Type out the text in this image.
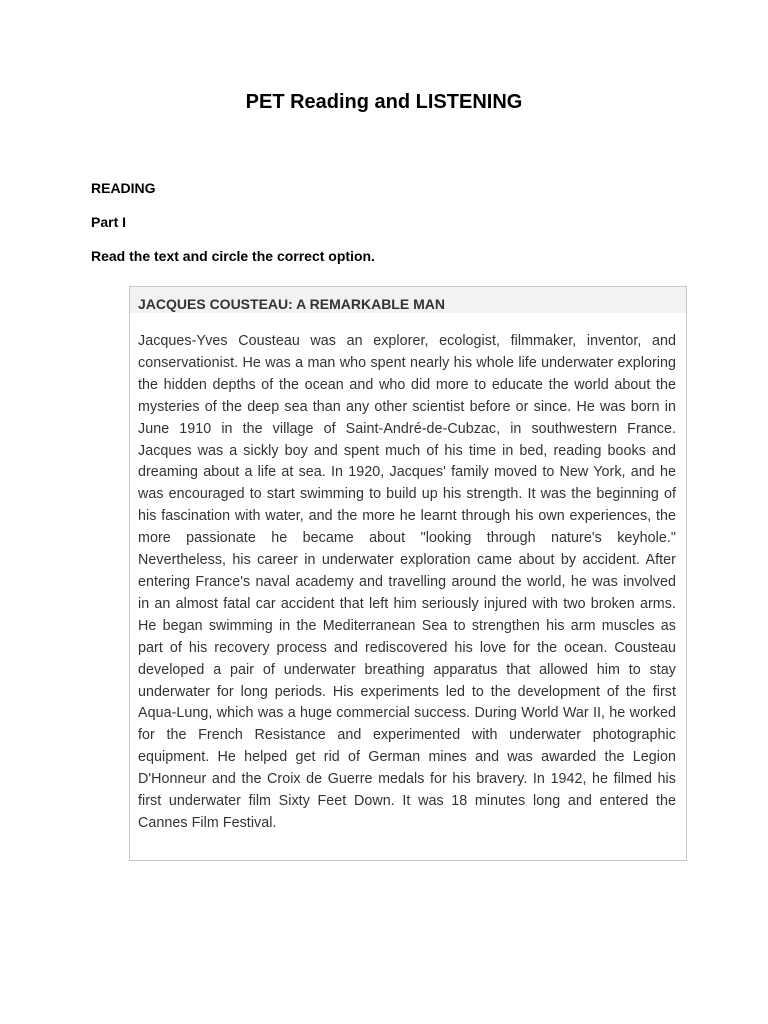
PET Reading and LISTENING
READING
Part I
Read the text and circle the correct option.
JACQUES COUSTEAU: A REMARKABLE MAN
Jacques-Yves Cousteau was an explorer, ecologist, filmmaker, inventor, and conservationist. He was a man who spent nearly his whole life underwater exploring the hidden depths of the ocean and who did more to educate the world about the mysteries of the deep sea than any other scientist before or since. He was born in June 1910 in the village of Saint-André-de-Cubzac, in southwestern France. Jacques was a sickly boy and spent much of his time in bed, reading books and dreaming about a life at sea. In 1920, Jacques' family moved to New York, and he was encouraged to start swimming to build up his strength. It was the beginning of his fascination with water, and the more he learnt through his own experiences, the more passionate he became about "looking through nature's keyhole." Nevertheless, his career in underwater exploration came about by accident. After entering France's naval academy and travelling around the world, he was involved in an almost fatal car accident that left him seriously injured with two broken arms. He began swimming in the Mediterranean Sea to strengthen his arm muscles as part of his recovery process and rediscovered his love for the ocean. Cousteau developed a pair of underwater breathing apparatus that allowed him to stay underwater for long periods. His experiments led to the development of the first Aqua-Lung, which was a huge commercial success. During World War II, he worked for the French Resistance and experimented with underwater photographic equipment. He helped get rid of German mines and was awarded the Legion D'Honneur and the Croix de Guerre medals for his bravery. In 1942, he filmed his first underwater film Sixty Feet Down. It was 18 minutes long and entered the Cannes Film Festival.
